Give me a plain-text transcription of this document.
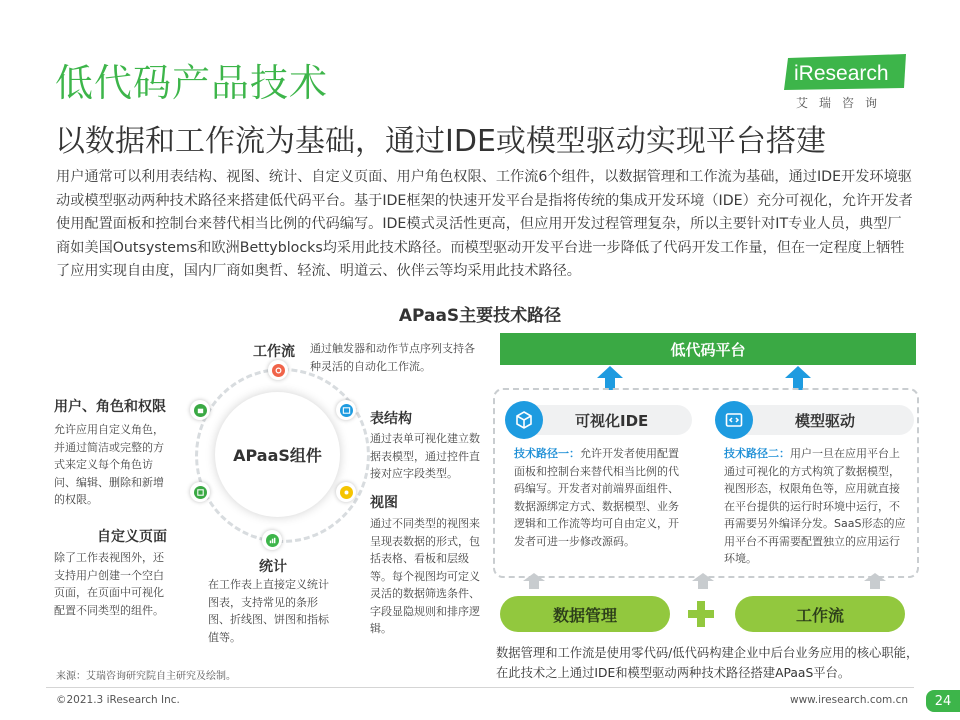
低代码产品技术
以数据和工作流为基础，通过IDE或模型驱动实现平台搭建
iResearch
艾瑞咨询
用户通常可以利用表结构、视图、统计、自定义页面、用户角色权限、工作流6个组件，以数据管理和工作流为基础，通过IDE开发环境驱动或模型驱动两种技术路径来搭建低代码平台。基于IDE框架的快速开发平台是指将传统的集成开发环境（IDE）充分可视化，允许开发者使用配置面板和控制台来替代相当比例的代码编写。IDE模式灵活性更高，但应用开发过程管理复杂，所以主要针对IT专业人员，典型厂商如美国Outsystems和欧洲Bettyblocks均采用此技术路径。而模型驱动开发平台进一步降低了代码开发工作量，但在一定程度上牺牲了应用实现自由度，国内厂商如奥哲、轻流、明道云、伙伴云等均采用此技术路径。
APaaS主要技术路径
APaaS组件
工作流 通过触发器和动作节点序列支持各种灵活的自动化工作流。
表结构
通过表单可视化建立数据表模型，通过控件直接对应字段类型。
视图
通过不同类型的视图来呈现表数据的形式，包括表格、看板和层级等。每个视图均可定义灵活的数据筛选条件、字段显隐规则和排序逻辑。
统计
在工作表上直接定义统计图表，支持常见的条形图、折线图、饼图和指标值等。
自定义页面
除了工作表视图外，还支持用户创建一个空白页面，在页面中可视化配置不同类型的组件。
用户、角色和权限
允许应用自定义角色，并通过简洁或完整的方式来定义每个角色访问、编辑、删除和新增的权限。
低代码平台
可视化IDE
技术路径一：允许开发者使用配置面板和控制台来替代相当比例的代码编写。开发者对前端界面组件、数据源绑定方式、数据模型、业务逻辑和工作流等均可自由定义，开发者可进一步修改源码。
模型驱动
技术路径二：用户一旦在应用平台上通过可视化的方式构筑了数据模型，视图形态，权限角色等，应用就直接在平台提供的运行时环境中运行，不再需要另外编译分发。SaaS形态的应用平台不再需要配置独立的应用运行环境。
数据管理	工作流
数据管理和工作流是使用零代码/低代码构建企业中后台业务应用的核心职能，在此技术之上通过IDE和模型驱动两种技术路径搭建APaaS平台。
来源：艾瑞咨询研究院自主研究及绘制。
©2021.3 iResearch Inc.	www.iresearch.com.cn	24
